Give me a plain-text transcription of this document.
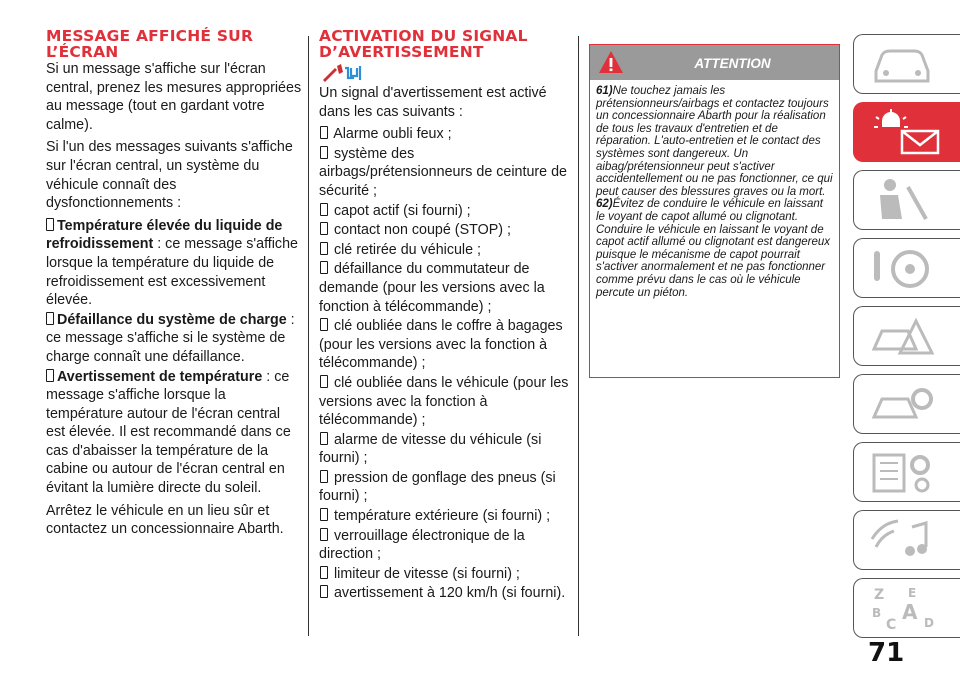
MESSAGE AFFICHÉ SUR L’ÉCRAN

Si un message s'affiche sur l'écran central, prenez les mesures appropriées au message (tout en gardant votre calme).

Si l'un des messages suivants s'affiche sur l'écran central, un système du véhicule connaît des dysfonctionnements :

Température élevée du liquide de refroidissement : ce message s'affiche lorsque la température du liquide de refroidissement est excessivement élevée.
Défaillance du système de charge : ce message s'affiche si le système de charge connaît une défaillance.
Avertissement de température : ce message s'affiche lorsque la température autour de l'écran central est élevée. Il est recommandé dans ce cas d'abaisser la température de la cabine ou autour de l'écran central en évitant la lumière directe du soleil.

Arrêtez le véhicule en un lieu sûr et contactez un concessionnaire Abarth.

ACTIVATION DU SIGNAL D’AVERTISSEMENT

Un signal d'avertissement est activé dans les cas suivants :

Alarme oubli feux ;
système des airbags/prétensionneurs de ceinture de sécurité ;
capot actif (si fourni) ;
contact non coupé (STOP) ;
clé retirée du véhicule ;
défaillance du commutateur de demande (pour les versions avec la fonction à télécommande) ;
clé oubliée dans le coffre à bagages (pour les versions avec la fonction à télécommande) ;
clé oubliée dans le véhicule (pour les versions avec la fonction à télécommande) ;
alarme de vitesse du véhicule (si fourni) ;
pression de gonflage des pneus (si fourni) ;
température extérieure (si fourni) ;
verrouillage électronique de la direction ;
limiteur de vitesse (si fourni) ;
avertissement à 120 km/h (si fourni).
ATTENTION
61)Ne touchez jamais les prétensionneurs/airbags et contactez toujours un concessionnaire Abarth pour la réalisation de tous les travaux d'entretien et de réparation. L'auto-entretien et le contact des systèmes sont dangereux. Un aibag/prétensionneur peut s'activer accidentellement ou ne pas fonctionner, ce qui peut causer des blessures graves ou la mort.
62)Évitez de conduire le véhicule en laissant le voyant de capot allumé ou clignotant. Conduire le véhicule en laissant le voyant de capot actif allumé ou clignotant est dangereux puisque le mécanisme de capot pourrait s'activer anormalement et ne pas fonctionner comme prévu dans le cas où le véhicule percute un piéton.
Z E
B A
C D
71
